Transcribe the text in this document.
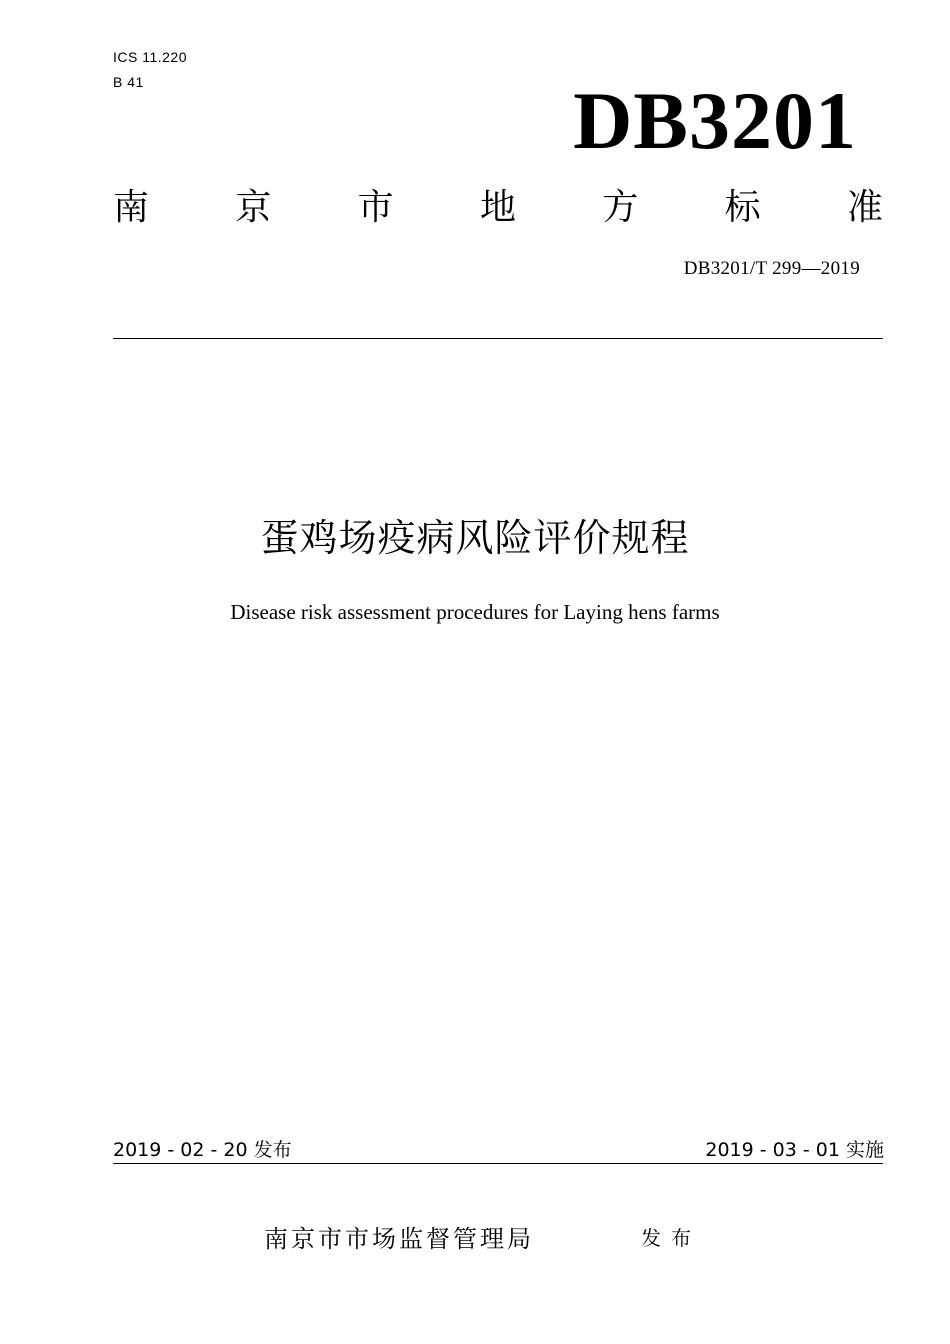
ICS 11.220
B 41	DB3201
南 京 市 地 方 标 准
DB3201/T 299—2019
蛋鸡场疫病风险评价规程
Disease risk assessment procedures for Laying hens farms
2019 - 02 - 20 发布	2019 - 03 - 01 实施
南京市市场监督管理局	发布
